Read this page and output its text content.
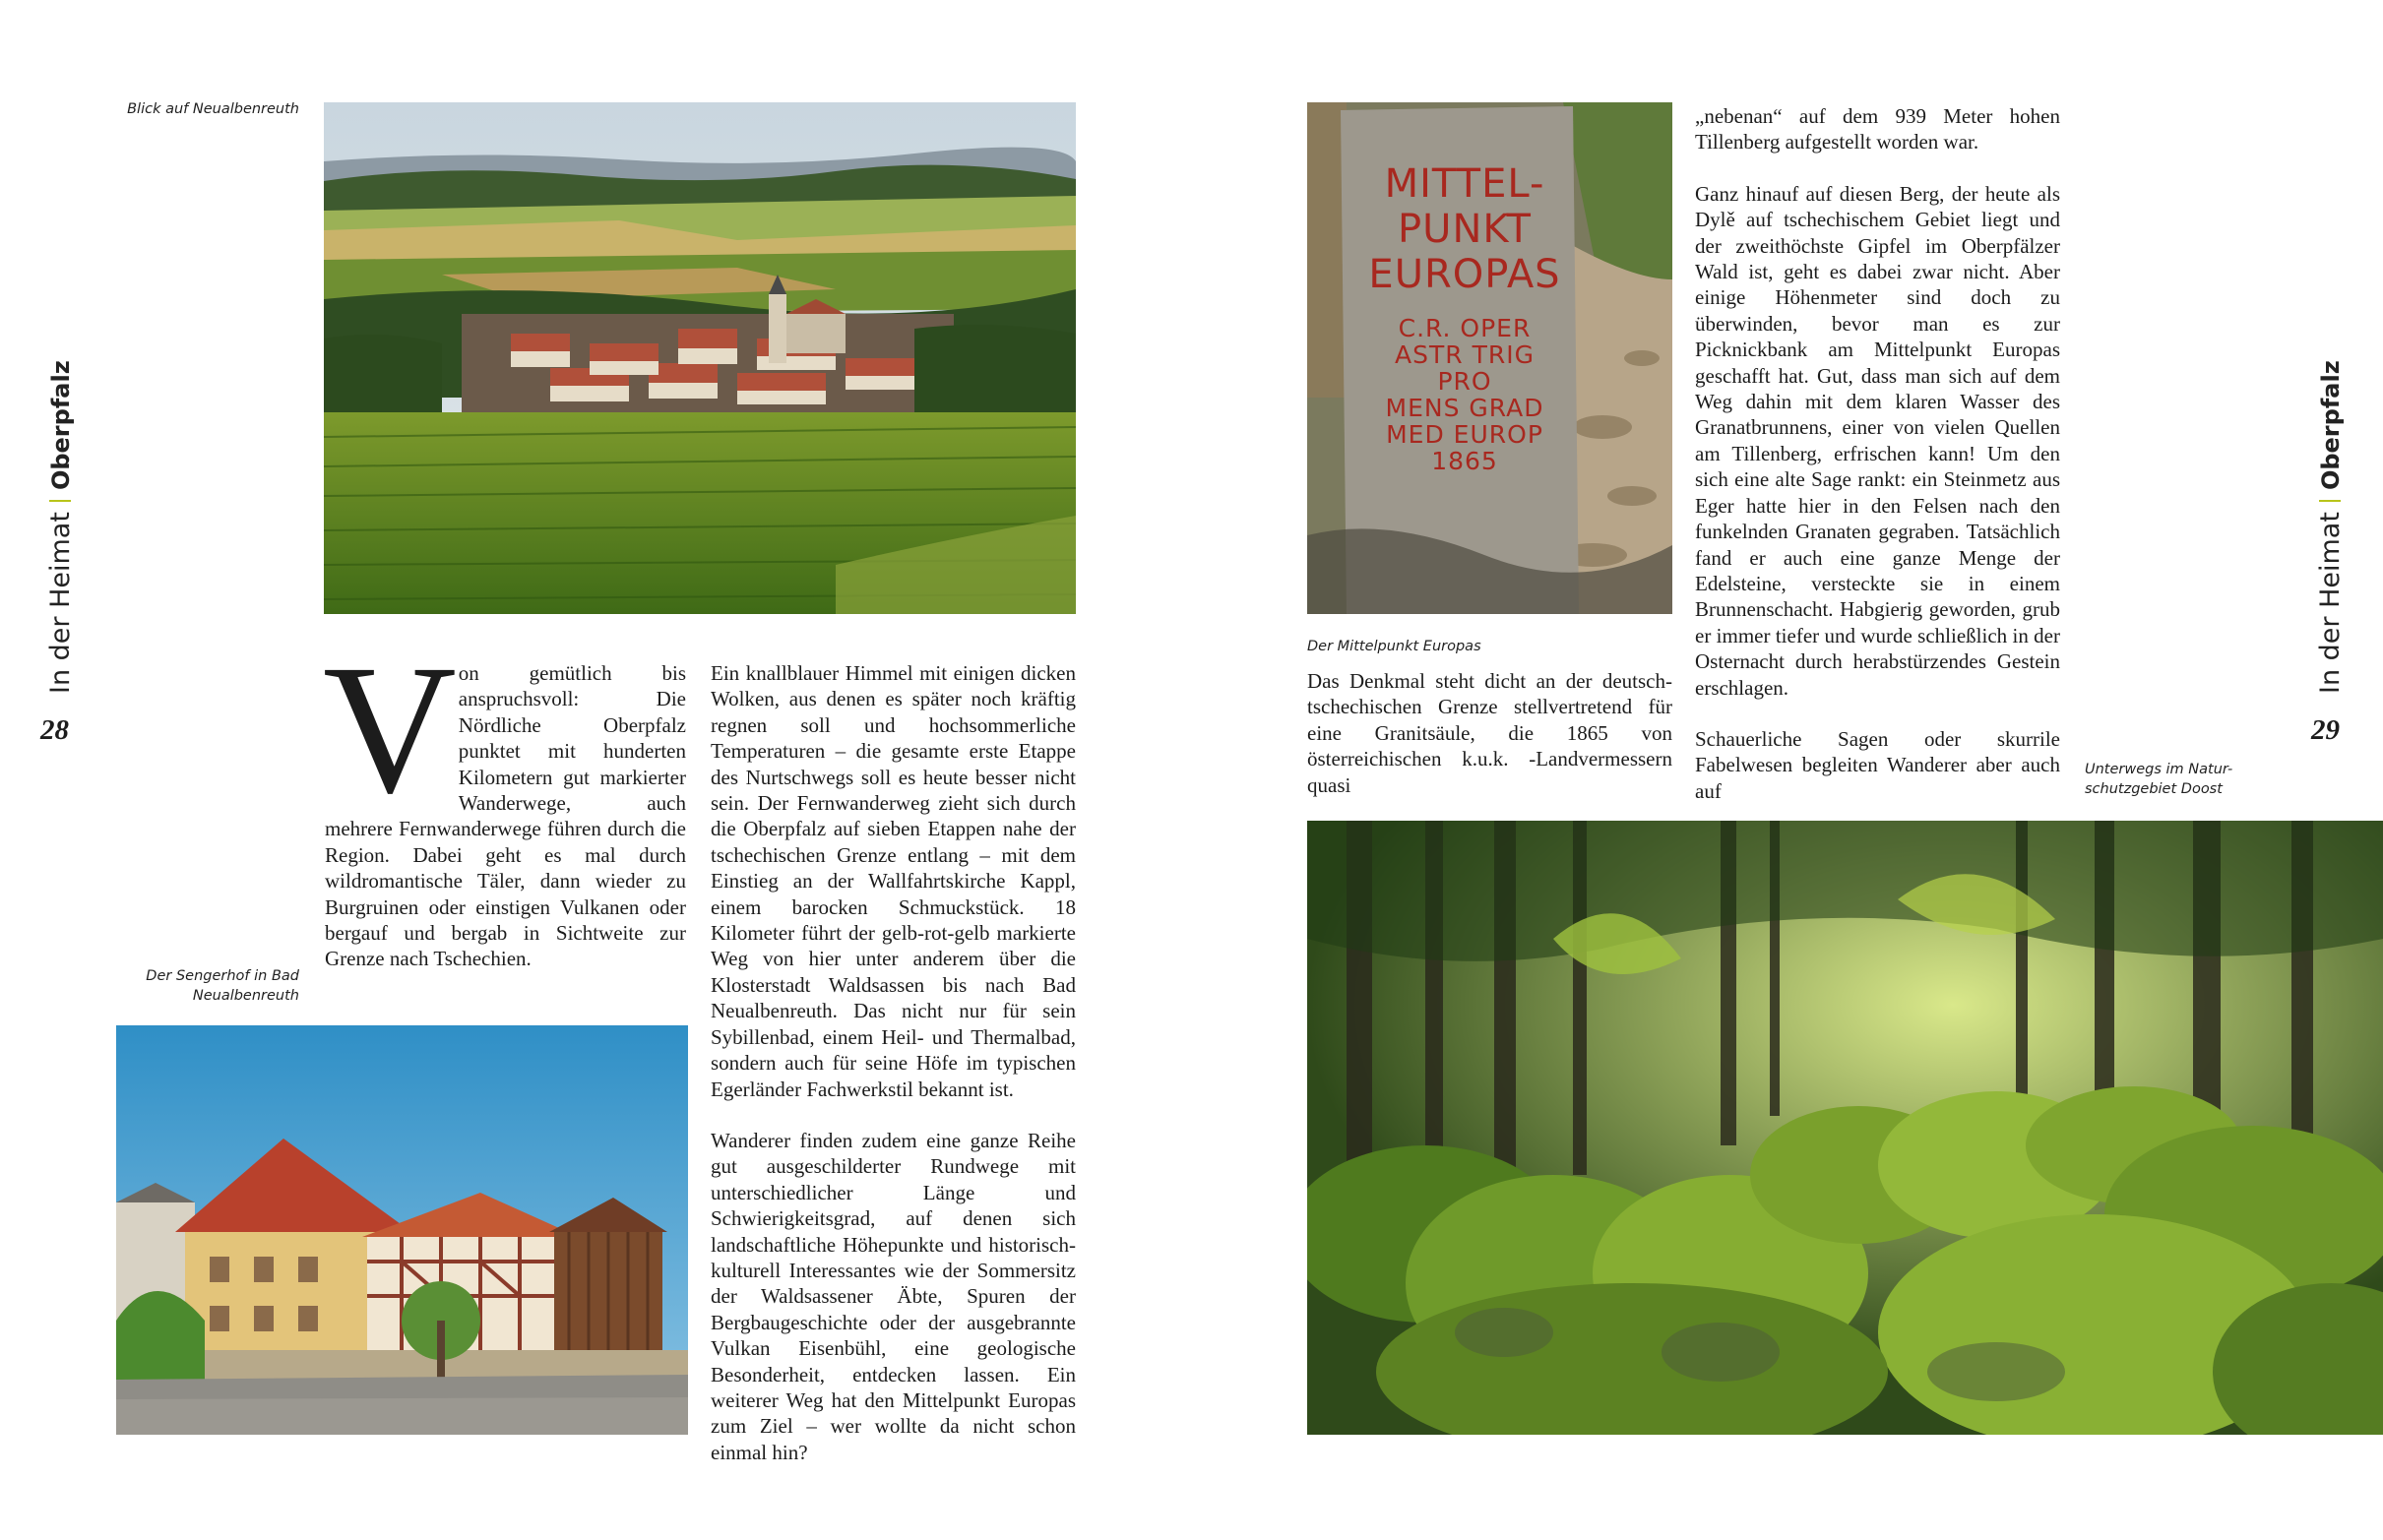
In der HeimatOberpfalz
28
Blick auf Neualbenreuth
V on gemütlich bis anspruchsvoll: Die Nördliche Oberpfalz punktet mit hunderten Kilometern gut markierter Wanderwege, auch mehrere Fernwanderwege führen durch die Region. Dabei geht es mal durch wildromantische Täler, dann wieder zu Burgruinen oder einstigen Vulkanen oder bergauf und bergab in Sichtweite zur Grenze nach Tschechien.
Der Sengerhof in Bad
Neualbenreuth

Ein knallblauer Himmel mit einigen dicken Wolken, aus denen es später noch kräftig regnen soll und hochsommerliche Temperaturen – die gesamte erste Etappe des Nurtschwegs soll es heute besser nicht sein. Der Fernwanderweg zieht sich durch die Oberpfalz auf sieben Etappen nahe der tschechischen Grenze entlang – mit dem Einstieg an der Wallfahrtskirche Kappl, einem barocken Schmuckstück. 18 Kilometer führt der gelb-rot-gelb markierte Weg von hier unter anderem über die Klosterstadt Waldsassen bis nach Bad Neualbenreuth. Das nicht nur für sein Sybillenbad, einem Heil- und Thermalbad, sondern auch für seine Höfe im typischen Egerländer Fachwerkstil bekannt ist.

Wanderer finden zudem eine ganze Reihe gut ausgeschilderter Rundwege mit unterschiedlicher Länge und Schwierigkeitsgrad, auf denen sich landschaftliche Höhepunkte und historisch-kulturell Interessantes wie der Sommersitz der Waldsassener Äbte, Spuren der Bergbaugeschichte oder der ausgebrannte Vulkan Eisenbühl, eine geologische Besonderheit, entdecken lassen. Ein weiterer Weg hat den Mittelpunkt Europas zum Ziel – wer wollte da nicht schon einmal hin?

MITTEL-
PUNKT
EUROPAS
C.R. OPER
ASTR TRIG
PRO
MENS GRAD
MED EUROP
1865
Der Mittelpunkt Europas

Das Denkmal steht dicht an der deutsch-tschechischen Grenze stellvertretend für eine Granitsäule, die 1865 von österreichischen k.u.k. -Landvermessern quasi

„nebenan“ auf dem 939 Meter hohen Tillenberg aufgestellt worden war.

Ganz hinauf auf diesen Berg, der heute als Dylě auf tschechischem Gebiet liegt und der zweithöchste Gipfel im Oberpfälzer Wald ist, geht es dabei zwar nicht. Aber einige Höhenmeter sind doch zu überwinden, bevor man es zur Picknickbank am Mittelpunkt Europas geschafft hat. Gut, dass man sich auf dem Weg dahin mit dem klaren Wasser des Granatbrunnens, einer von vielen Quellen am Tillenberg, erfrischen kann! Um den sich eine alte Sage rankt: ein Steinmetz aus Eger hatte hier in den Felsen nach den funkelnden Granaten gegraben. Tatsächlich fand er auch eine ganze Menge der Edelsteine, versteckte sie in einem Brunnenschacht. Habgierig geworden, grub er immer tiefer und wurde schließlich in der Osternacht durch herabstürzendes Gestein erschlagen.

Schauerliche Sagen oder skurrile Fabelwesen begleiten Wanderer aber auch auf

Unterwegs im Natur-
schutzgebiet Doost
In der HeimatOberpfalz
29
